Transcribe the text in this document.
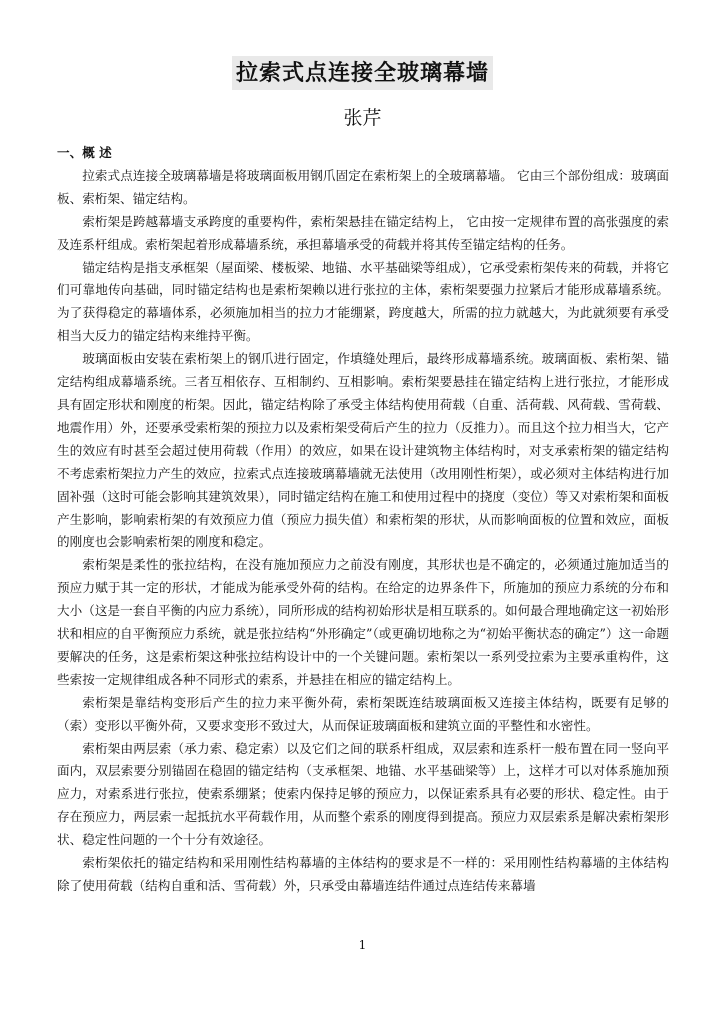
拉索式点连接全玻璃幕墙
张芹
一、概 述

拉索式点连接全玻璃幕墙是将玻璃面板用钢爪固定在索桁架上的全玻璃幕墙。 它由三个部份组成：玻璃面板、索桁架、锚定结构。

索桁架是跨越幕墙支承跨度的重要构件，索桁架悬挂在锚定结构上， 它由按一定规律布置的高张强度的索及连系杆组成。索桁架起着形成幕墙系统，承担幕墙承受的荷载并将其传至锚定结构的任务。

锚定结构是指支承框架（屋面梁、楼板梁、地锚、水平基础梁等组成），它承受索桁架传来的荷载，并将它们可靠地传向基础，同时锚定结构也是索桁架赖以进行张拉的主体，索桁架要强力拉紧后才能形成幕墙系统。为了获得稳定的幕墙体系，必须施加相当的拉力才能绷紧，跨度越大，所需的拉力就越大，为此就须要有承受相当大反力的锚定结构来维持平衡。

玻璃面板由安装在索桁架上的钢爪进行固定，作填缝处理后，最终形成幕墙系统。玻璃面板、索桁架、锚定结构组成幕墙系统。三者互相依存、互相制约、互相影响。索桁架要悬挂在锚定结构上进行张拉，才能形成具有固定形状和刚度的桁架。因此，锚定结构除了承受主体结构使用荷载（自重、活荷载、风荷载、雪荷载、地震作用）外，还要承受索桁架的预拉力以及索桁架受荷后产生的拉力（反推力）。而且这个拉力相当大，它产生的效应有时甚至会超过使用荷载（作用）的效应，如果在设计建筑物主体结构时，对支承索桁架的锚定结构不考虑索桁架拉力产生的效应，拉索式点连接玻璃幕墙就无法使用（改用刚性桁架），或必须对主体结构进行加固补强（这时可能会影响其建筑效果），同时锚定结构在施工和使用过程中的挠度（变位）等又对索桁架和面板产生影响，影响索桁架的有效预应力值（预应力损失值）和索桁架的形状，从而影响面板的位置和效应，面板的刚度也会影响索桁架的刚度和稳定。

索桁架是柔性的张拉结构，在没有施加预应力之前没有刚度，其形状也是不确定的，必须通过施加适当的预应力赋于其一定的形状，才能成为能承受外荷的结构。在给定的边界条件下，所施加的预应力系统的分布和大小（这是一套自平衡的内应力系统），同所形成的结构初始形状是相互联系的。如何最合理地确定这一初始形状和相应的自平衡预应力系统，就是张拉结构“外形确定”（或更确切地称之为“初始平衡状态的确定”）这一命题要解决的任务，这是索桁架这种张拉结构设计中的一个关键问题。索桁架以一系列受拉索为主要承重构件，这些索按一定规律组成各种不同形式的索系，并悬挂在相应的锚定结构上。

索桁架是靠结构变形后产生的拉力来平衡外荷，索桁架既连结玻璃面板又连接主体结构，既要有足够的（索）变形以平衡外荷，又要求变形不致过大，从而保证玻璃面板和建筑立面的平整性和水密性。

索桁架由两层索（承力索、稳定索）以及它们之间的联系杆组成，双层索和连系杆一般布置在同一竖向平面内，双层索要分别锚固在稳固的锚定结构（支承框架、地锚、水平基础梁等）上，这样才可以对体系施加预应力，对索系进行张拉，使索系绷紧；使索内保持足够的预应力，以保证索系具有必要的形状、稳定性。由于存在预应力，两层索一起抵抗水平荷载作用，从而整个索系的刚度得到提高。预应力双层索系是解决索桁架形状、稳定性问题的一个十分有效途径。

索桁架依托的锚定结构和采用刚性结构幕墙的主体结构的要求是不一样的：采用刚性结构幕墙的主体结构除了使用荷载（结构自重和活、雪荷载）外，只承受由幕墙连结件通过点连结传来幕墙

1
